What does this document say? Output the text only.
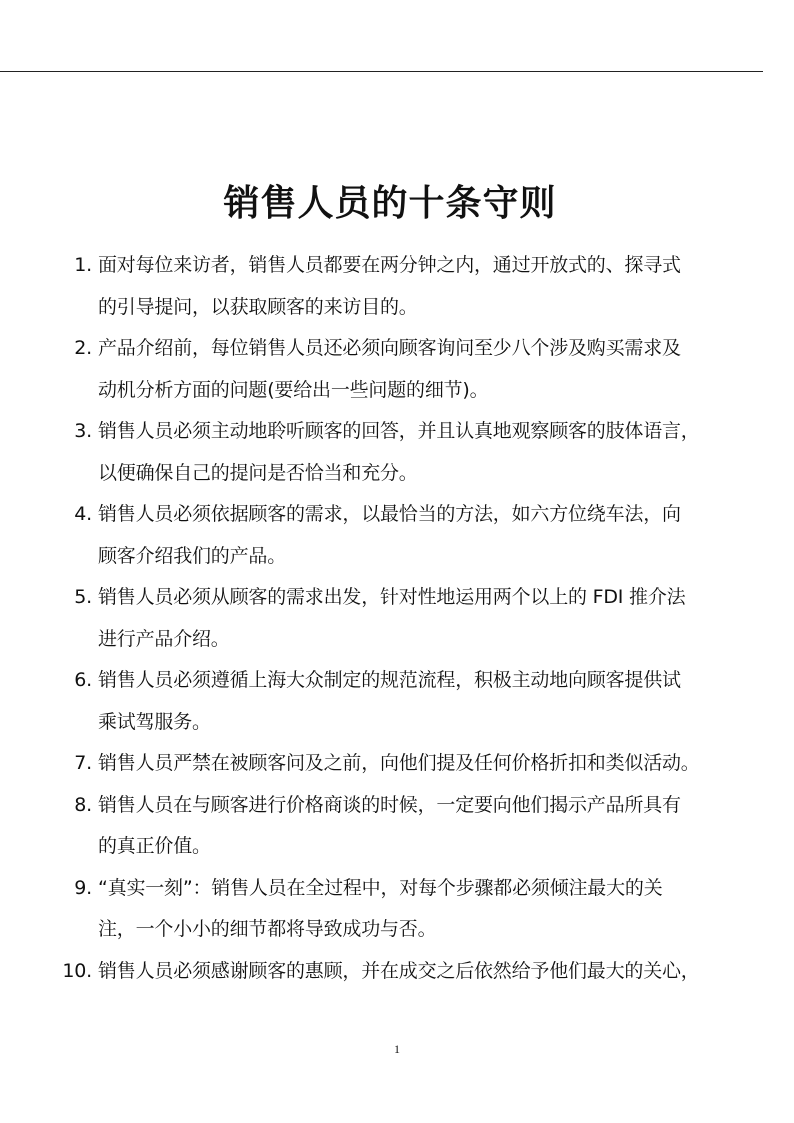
销售人员的十条守则
1. 面对每位来访者，销售人员都要在两分钟之内，通过开放式的、探寻式
的引导提问，以获取顾客的来访目的。
2. 产品介绍前，每位销售人员还必须向顾客询问至少八个涉及购买需求及
动机分析方面的问题(要给出一些问题的细节)。
3. 销售人员必须主动地聆听顾客的回答，并且认真地观察顾客的肢体语言，
以便确保自己的提问是否恰当和充分。
4. 销售人员必须依据顾客的需求，以最恰当的方法，如六方位绕车法，向
顾客介绍我们的产品。
5. 销售人员必须从顾客的需求出发，针对性地运用两个以上的 FDI 推介法
进行产品介绍。
6. 销售人员必须遵循上海大众制定的规范流程，积极主动地向顾客提供试
乘试驾服务。
7. 销售人员严禁在被顾客问及之前，向他们提及任何价格折扣和类似活动。
8. 销售人员在与顾客进行价格商谈的时候，一定要向他们揭示产品所具有
的真正价值。
9. “真实一刻”：销售人员在全过程中，对每个步骤都必须倾注最大的关
注，一个小小的细节都将导致成功与否。
10. 销售人员必须感谢顾客的惠顾，并在成交之后依然给予他们最大的关心，
1
